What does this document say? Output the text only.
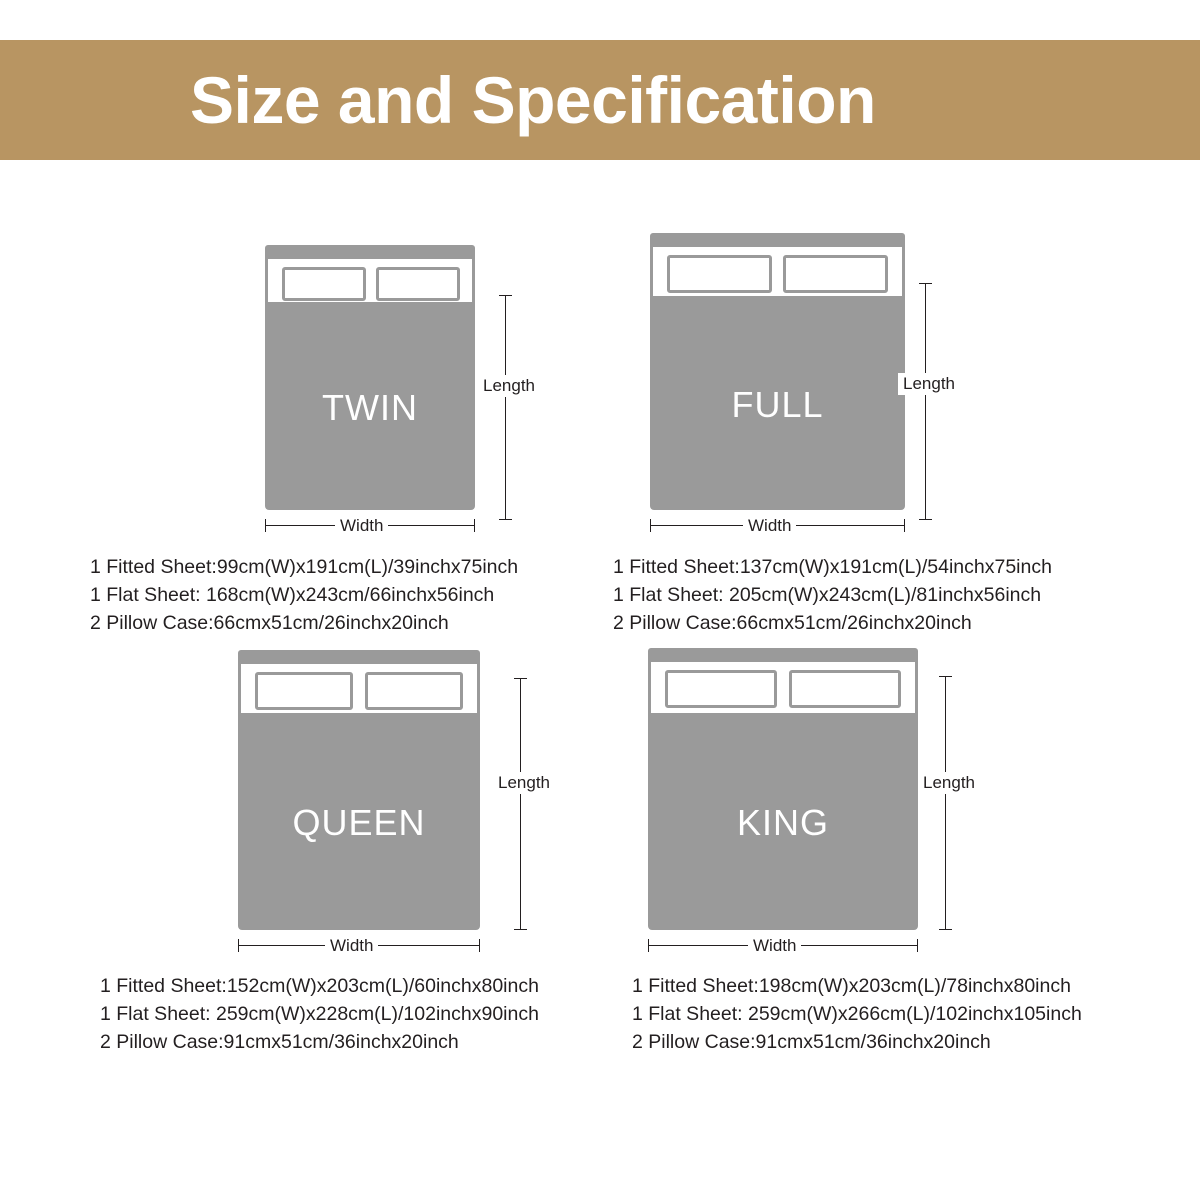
Size and Specification
TWIN
Length
Width
1 Fitted Sheet:99cm(W)x191cm(L)/39inchx75inch
1 Flat Sheet: 168cm(W)x243cm/66inchx56inch
2 Pillow Case:66cmx51cm/26inchx20inch
FULL	Length
Width
1 Fitted Sheet:137cm(W)x191cm(L)/54inchx75inch
1 Flat Sheet: 205cm(W)x243cm(L)/81inchx56inch
2 Pillow Case:66cmx51cm/26inchx20inch
QUEEN
Length
Width
1 Fitted Sheet:152cm(W)x203cm(L)/60inchx80inch
1 Flat Sheet: 259cm(W)x228cm(L)/102inchx90inch
2 Pillow Case:91cmx51cm/36inchx20inch
KING
Length
Width
1 Fitted Sheet:198cm(W)x203cm(L)/78inchx80inch
1 Flat Sheet: 259cm(W)x266cm(L)/102inchx105inch
2 Pillow Case:91cmx51cm/36inchx20inch
